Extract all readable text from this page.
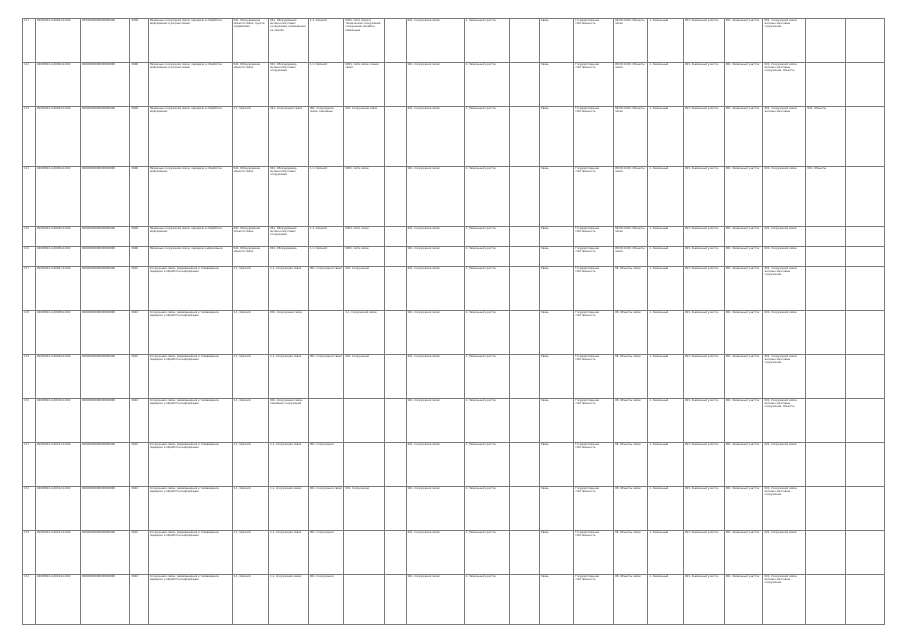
121	04093001-0-00001-0-000	00000000000000000000	2006	Наземные сооружения связи, передачи и обработки информации и ретрансляции	041. Оборудование объекта связи, пункта управления	041. Оборудование антенно-мачтовых сооружений, размещение на землях	1.1. Связной	0001. Сети связи и технические сооружения, сооружения линейно-кабельные		001. Сооружения связи	1. Земельный участок		Связь	Государственная собственность	08.09.10.00. Объекты связи	1. Земельный	001. Земельный участок	001. Земельный участок	001. Сооружения связи, антенно-мачтовые сооружения		
122	04093001-0-00002-0-000	00000000000000000000	2006	Наземные сооружения связи, передачи и обработки информации и ретрансляции	041. Оборудование объекта связи	041. Оборудование антенно-мачтовых сооружений	1.1. Связной	0001. Сети связи, линии связи		001. Сооружения связи	1. Земельный участок		Связь	Государственная собственность	08.09.10.00. Объекты связи	1. Земельный	001. Земельный участок	001. Земельный участок	001. Сооружения связи, антенно-мачтовые сооружения, объекты		
123	04093001-0-00003-0-000	00000000000000000000	2006	Наземные сооружения связи, передачи и обработки информации	1.1. Связной	041. Сооружения связи	001. Сооружения связи, линейные	001. Сооружения связи		001. Сооружения связи	1. Земельный участок		Связь	Государственная собственность	08.09.10.00. Объекты связи	1. Земельный	001. Земельный участок	001. Земельный участок	001. Сооружения связи, антенно-мачтовые	001. Объекты	
124	04093001-0-00004-0-000	00000000000000000000	2006	Наземные сооружения связи, передачи и обработки информации	041. Оборудование объекта связи	041. Оборудование антенно-мачтовых сооружений	1.1. Связной	0001. Сети связи		001. Сооружения связи	1. Земельный участок		Связь	Государственная собственность	08.09.10.00. Объекты связи	1. Земельный	001. Земельный участок	001. Земельный участок	001. Сооружения связи	001. Объекты	
125	04093001-0-00005-0-000	00000000000000000000	2006	Наземные сооружения связи, передачи и обработки информации	041. Оборудование объекта связи	041. Оборудование антенно-мачтовых сооружений	1.1. Связной	0001. Сети связи		001. Сооружения связи	1. Земельный участок		Связь	Государственная собственность	08.09.10.00. Объекты связи	1. Земельный	001. Земельный участок	001. Земельный участок	001. Сооружения связи		
126	04093001-0-00006-0-000	00000000000000000000	2006	Наземные сооружения связи, передачи информации	041. Оборудование объекта связи	041. Оборудование	1.1. Связной	0001. Сети связи		001. Сооружения связи	1. Земельный участок		Связь	Государственная собственность	08.09.10.00. Объекты связи	1. Земельный	001. Земельный участок	001. Земельный участок	001. Сооружения связи		
127	04093001-0-00007-0-000	00000000000000000000	2010	Сооружения связи, радиовещания и телевидения, передачи и обработки информации	1.1. Связной	1.1. Сооружения связи	001. Сооружения связи	001. Сооружения		001. Сооружения связи	1. Земельный участок		Связь	Государственная собственность	08. Объекты связи	1. Земельный	001. Земельный участок	001. Земельный участок	001. Сооружения связи, антенно-мачтовые сооружения		
128	04093001-0-00008-0-000	00000000000000000000	2010	Сооружения связи, радиовещания и телевидения, передачи и обработки информации	1.1. Связной	001. Сооружения связи		1.1. Сооружения связи		001. Сооружения связи	1. Земельный участок		Связь	Государственная собственность	08. Объекты связи	1. Земельный	001. Земельный участок	001. Земельный участок	001. Сооружения связи		
129	04093001-0-00009-0-000	00000000000000000000	2010	Сооружения связи, радиовещания и телевидения, передачи и обработки информации	1.1. Связной	1.1. Сооружения связи	001. Сооружения связи	001. Сооружения		001. Сооружения связи	1. Земельный участок		Связь	Государственная собственность	08. Объекты связи	1. Земельный	001. Земельный участок	001. Земельный участок	001. Сооружения связи, антенно-мачтовые сооружения		
130	04093001-0-00010-0-000	00000000000000000000	2010	Сооружения связи, радиовещания и телевидения, передачи и обработки информации	1.1. Связной	001. Сооружения связи, линейные сооружения				001. Сооружения связи	1. Земельный участок		Связь	Государственная собственность	08. Объекты связи	1. Земельный	001. Земельный участок	001. Земельный участок	001. Сооружения связи, антенно-мачтовые сооружения, объекты		
131	04093001-0-00011-0-000	00000000000000000000	2010	Сооружения связи, радиовещания и телевидения, передачи и обработки информации	1.1. Связной	1.1. Сооружения связи	001. Сооружения			001. Сооружения связи	1. Земельный участок		Связь	Государственная собственность	08. Объекты связи	1. Земельный	001. Земельный участок	001. Земельный участок	001. Сооружения связи		
132	04093001-0-00012-0-000	00000000000000000000	2010	Сооружения связи, радиовещания и телевидения, передачи и обработки информации	1.1. Связной	1.1. Сооружения связи	001. Сооружения связи	001. Сооружения		001. Сооружения связи	1. Земельный участок		Связь	Государственная собственность	08. Объекты связи	1. Земельный	001. Земельный участок	001. Земельный участок	001. Сооружения связи, антенно-мачтовые сооружения		
133	04093001-0-00013-0-000	00000000000000000000	2010	Сооружения связи, радиовещания и телевидения, передачи и обработки информации	1.1. Связной	1.1. Сооружения связи	001. Сооружения			001. Сооружения связи	1. Земельный участок		Связь	Государственная собственность	08. Объекты связи	1. Земельный	001. Земельный участок	001. Земельный участок	001. Сооружения связи		
134	04093001-0-00014-0-000	00000000000000000000	2010	Сооружения связи, радиовещания и телевидения, передачи и обработки информации	1.1. Связной	1.1. Сооружения связи	001. Сооружения			001. Сооружения связи	1. Земельный участок		Связь	Государственная собственность	08. Объекты связи	1. Земельный	001. Земельный участок	001. Земельный участок	001. Сооружения связи, антенно-мачтовые сооружения		
